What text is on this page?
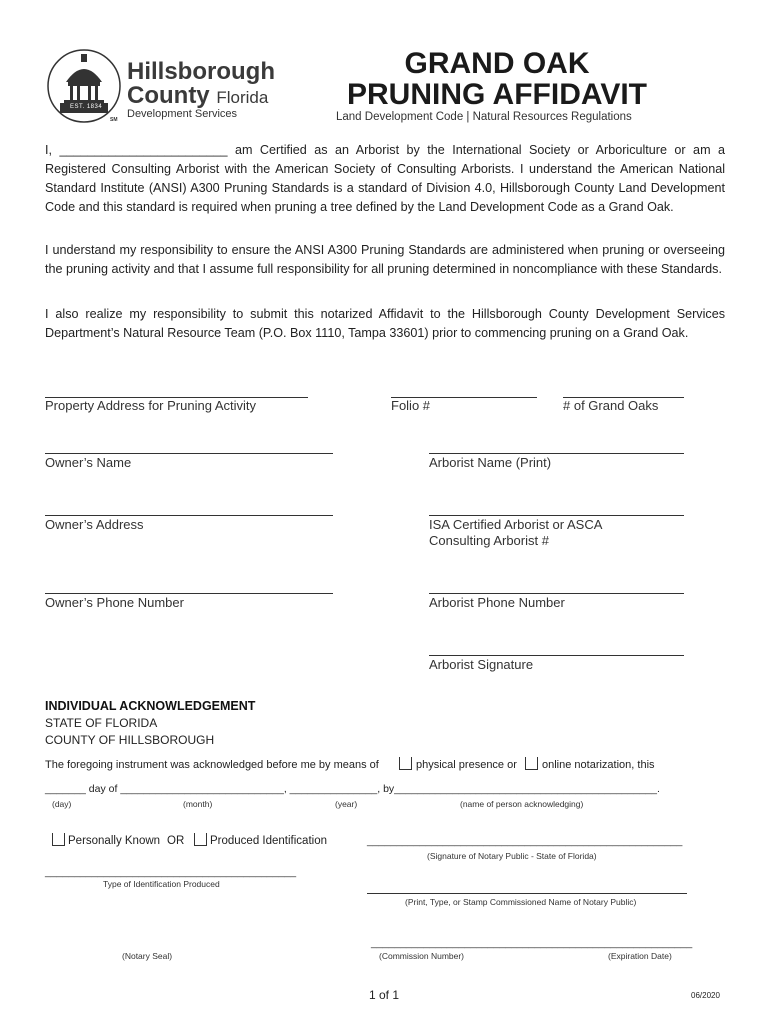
EST. 1834
Hillsborough
County Florida
Development Services
SM
GRAND OAK
PRUNING AFFIDAVIT
Land Development Code | Natural Resources Regulations
I, ________________________ am Certified as an Arborist by the International Society or Arboriculture or am a Registered Consulting Arborist with the American Society of Consulting Arborists. I understand the American National Standard Institute (ANSI) A300 Pruning Standards is a standard of Division 4.0, Hillsborough County Land Development Code and this standard is required when pruning a tree defined by the Land Development Code as a Grand Oak.
I understand my responsibility to ensure the ANSI A300 Pruning Standards are administered when pruning or overseeing the pruning activity and that I assume full responsibility for all pruning determined in noncompliance with these Standards.
I also realize my responsibility to submit this notarized Affidavit to the Hillsborough County Development Services Department’s Natural Resource Team (P.O. Box 1110, Tampa 33601) prior to commencing pruning on a Grand Oak.
Property Address for Pruning Activity	Folio #	# of Grand Oaks
Owner’s Name	Arborist Name (Print)
Owner’s Address	ISA Certified Arborist or ASCA
Consulting Arborist #
Owner’s Phone Number	Arborist Phone Number
Arborist Signature
INDIVIDUAL ACKNOWLEDGEMENT
STATE OF FLORIDA
COUNTY OF HILLSBOROUGH
The foregoing instrument was acknowledged before me by means of	physical presence or online notarization, this
_______ day of ____________________________, _______________, by_____________________________________________.
(day)	(month)	(year)	(name of person acknowledging)
Personally Known OR Produced Identification	______________________________________________________
(Signature of Notary Public - State of Florida)
___________________________________________
Type of Identification Produced
(Print, Type, or Stamp Commissioned Name of Notary Public)
(Notary Seal)
_______________________________________________________
(Commission Number)	(Expiration Date)
1 of 1	06/2020
